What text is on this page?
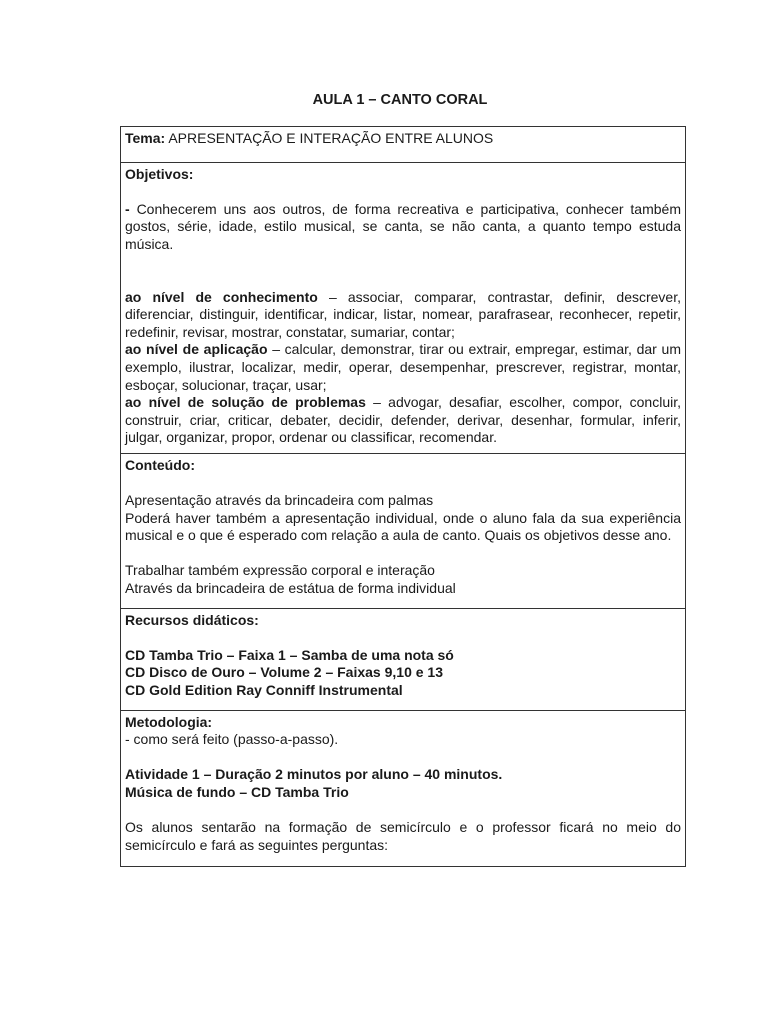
AULA 1 – CANTO CORAL
Tema: APRESENTAÇÃO E INTERAÇÃO ENTRE ALUNOS

Objetivos:

- Conhecerem uns aos outros, de forma recreativa e participativa, conhecer também gostos, série, idade, estilo musical, se canta, se não canta, a quanto tempo estuda música.

ao nível de conhecimento – associar, comparar, contrastar, definir, descrever, diferenciar, distinguir, identificar, indicar, listar, nomear, parafrasear, reconhecer, repetir, redefinir, revisar, mostrar, constatar, sumariar, contar;

ao nível de aplicação – calcular, demonstrar, tirar ou extrair, empregar, estimar, dar um exemplo, ilustrar, localizar, medir, operar, desempenhar, prescrever, registrar, montar, esboçar, solucionar, traçar, usar;

ao nível de solução de problemas – advogar, desafiar, escolher, compor, concluir, construir, criar, criticar, debater, decidir, defender, derivar, desenhar, formular, inferir, julgar, organizar, propor, ordenar ou classificar, recomendar.

Conteúdo:

Apresentação através da brincadeira com palmas

Poderá haver também a apresentação individual, onde o aluno fala da sua experiência musical e o que é esperado com relação a aula de canto. Quais os objetivos desse ano.

Trabalhar também expressão corporal e interação

Através da brincadeira de estátua de forma individual

Recursos didáticos:

CD Tamba Trio – Faixa 1 – Samba de uma nota só

CD Disco de Ouro – Volume 2 – Faixas 9,10 e 13

CD Gold Edition Ray Conniff Instrumental

Metodologia:

- como será feito (passo-a-passo).

Atividade 1 – Duração 2 minutos por aluno – 40 minutos.

Música de fundo – CD Tamba Trio

Os alunos sentarão na formação de semicírculo e o professor ficará no meio do semicírculo e fará as seguintes perguntas:
